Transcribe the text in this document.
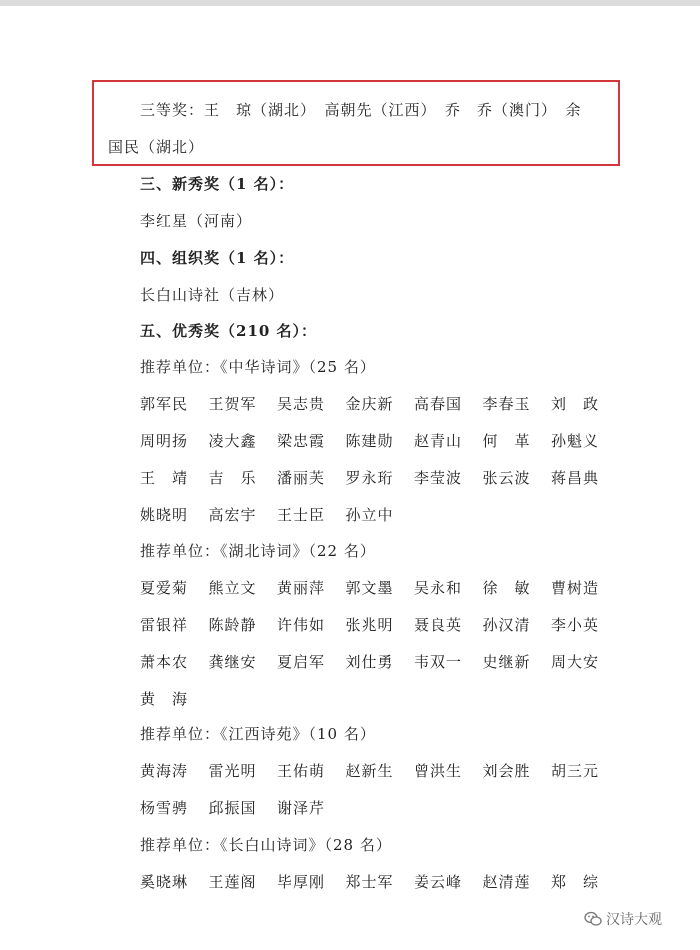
三等奖：王　琼（湖北）　高朝先（江西）　乔　乔（澳门）　余
国民（湖北）
三、新秀奖（1 名）：
李红星（河南）
四、组织奖（1 名）：
长白山诗社（吉林）
五、优秀奖（210 名）：
推荐单位：《中华诗词》（25 名）
郭军民 王贺军 吴志贵 金庆新 高春国 李春玉 刘　政
周明扬 凌大鑫 梁忠霞 陈建勋 赵青山 何　革 孙魁义
王　靖 吉　乐 潘丽芙 罗永珩 李莹波 张云波 蒋昌典
姚晓明 高宏宇 王士臣 孙立中
推荐单位：《湖北诗词》（22 名）
夏爱菊 熊立文 黄丽萍 郭文墨 吴永和 徐　敏 曹树造
雷银祥 陈龄静 许伟如 张兆明 聂良英 孙汉清 李小英
萧本农 龚继安 夏启军 刘仕勇 韦双一 史继新 周大安
黄　海
推荐单位：《江西诗苑》（10 名）
黄海涛 雷光明 王佑萌 赵新生 曾洪生 刘会胜 胡三元
杨雪骋 邱振国 谢泽芹
推荐单位：《长白山诗词》（28 名）
奚晓琳 王莲阁 毕厚刚 郑士军 姜云峰 赵清莲 郑　综
汉诗大观
